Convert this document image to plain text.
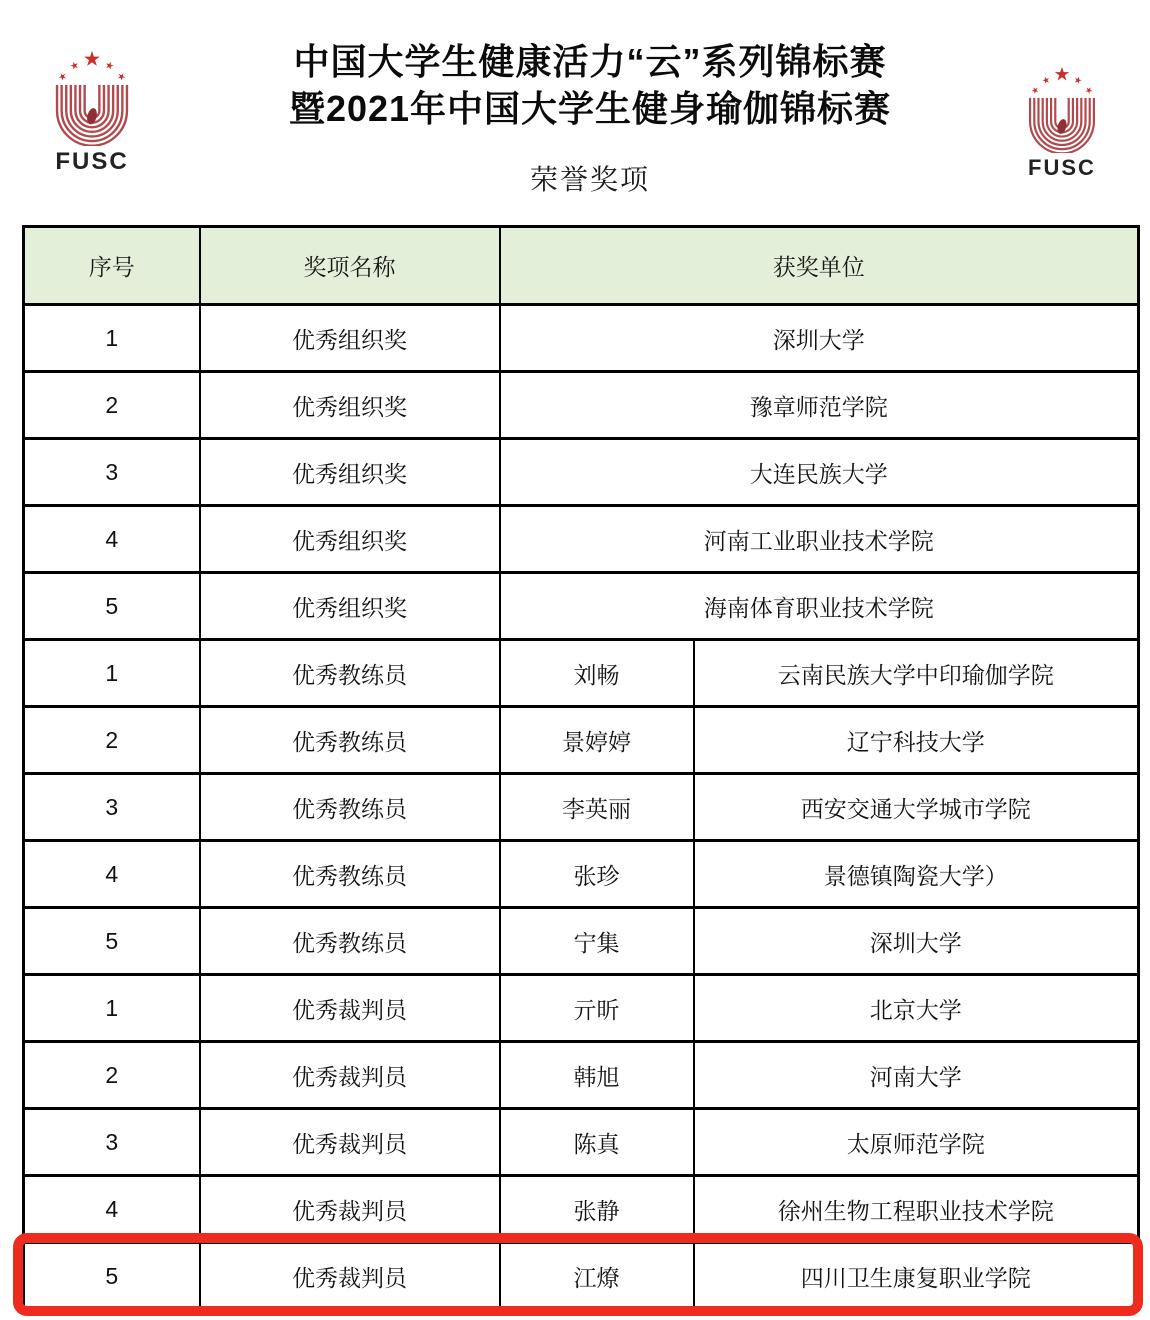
FUSC	FUSC
中国大学生健康活力“云”系列锦标赛
暨2021年中国大学生健身瑜伽锦标赛
荣誉奖项
序号	奖项名称	获奖单位	
1	优秀组织奖	深圳大学	
2	优秀组织奖	豫章师范学院	
3	优秀组织奖	大连民族大学	
4	优秀组织奖	河南工业职业技术学院	
5	优秀组织奖	海南体育职业技术学院	
1	优秀教练员	刘畅	云南民族大学中印瑜伽学院
2	优秀教练员	景婷婷	辽宁科技大学
3	优秀教练员	李英丽	西安交通大学城市学院
4	优秀教练员	张珍	景德镇陶瓷大学）
5	优秀教练员	宁集	深圳大学
1	优秀裁判员	亓昕	北京大学
2	优秀裁判员	韩旭	河南大学
3	优秀裁判员	陈真	太原师范学院
4	优秀裁判员	张静	徐州生物工程职业技术学院
5	优秀裁判员	江燎	四川卫生康复职业学院
